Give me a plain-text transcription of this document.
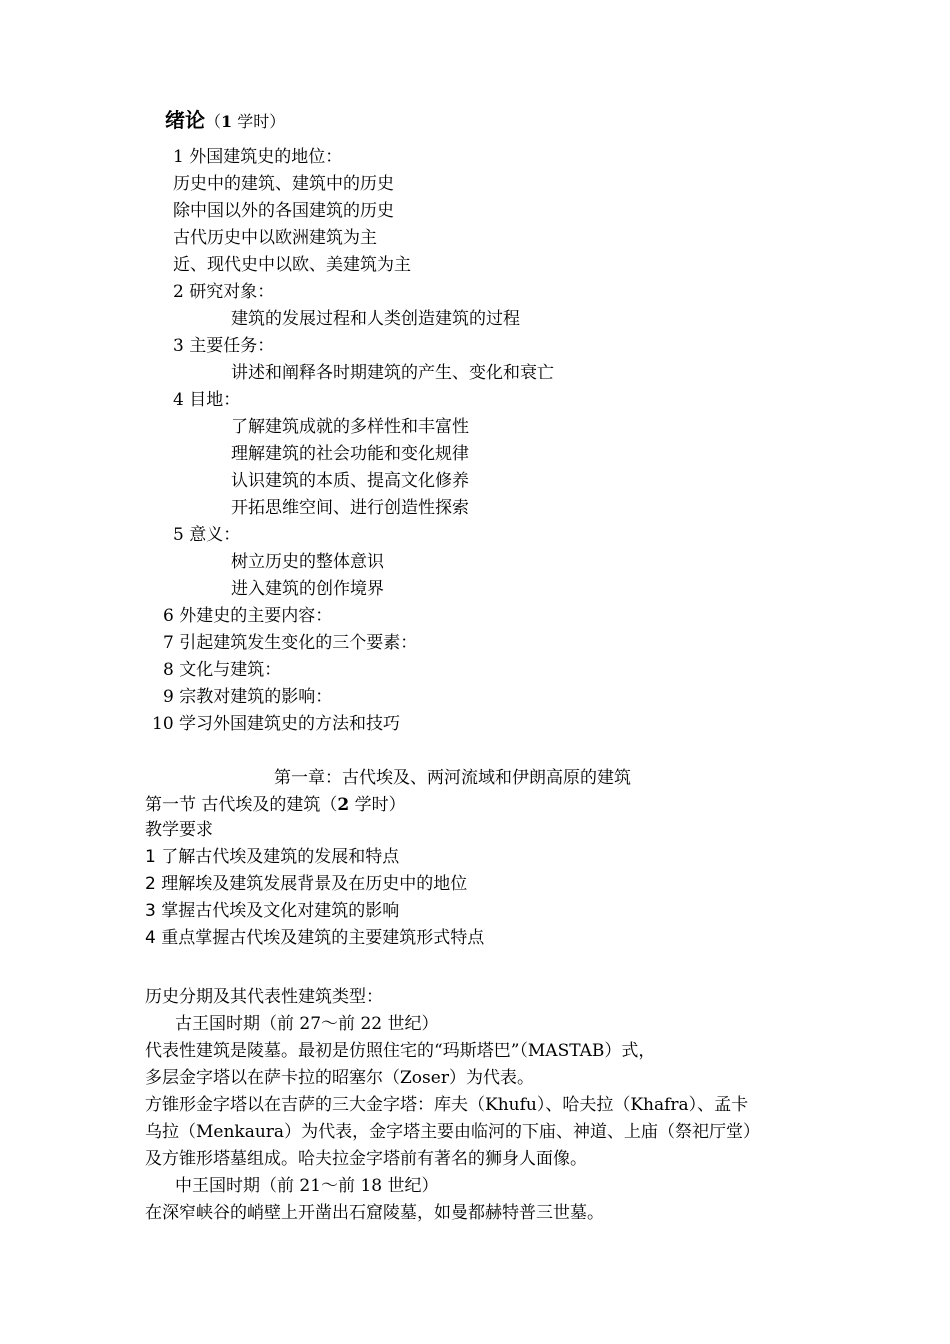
绪论（1 学时）
1 外国建筑史的地位：
历史中的建筑、建筑中的历史
除中国以外的各国建筑的历史
古代历史中以欧洲建筑为主
近、现代史中以欧、美建筑为主
2 研究对象：
建筑的发展过程和人类创造建筑的过程
3 主要任务：
讲述和阐释各时期建筑的产生、变化和衰亡
4 目地：
了解建筑成就的多样性和丰富性
理解建筑的社会功能和变化规律
认识建筑的本质、提高文化修养
开拓思维空间、进行创造性探索
5 意义：
树立历史的整体意识
进入建筑的创作境界
6 外建史的主要内容：
7 引起建筑发生变化的三个要素：
8 文化与建筑：
9 宗教对建筑的影响：
10 学习外国建筑史的方法和技巧
第一章：古代埃及、两河流域和伊朗高原的建筑
第一节 古代埃及的建筑（2 学时）
教学要求
1 了解古代埃及建筑的发展和特点
2 理解埃及建筑发展背景及在历史中的地位
3 掌握古代埃及文化对建筑的影响
4 重点掌握古代埃及建筑的主要建筑形式特点
历史分期及其代表性建筑类型：
古王国时期（前 27～前 22 世纪）
代表性建筑是陵墓。最初是仿照住宅的“玛斯塔巴”（MASTAB）式，
多层金字塔以在萨卡拉的昭塞尔（Zoser）为代表。
方锥形金字塔以在吉萨的三大金字塔：库夫（Khufu）、哈夫拉（Khafra）、孟卡
乌拉（Menkaura）为代表，金字塔主要由临河的下庙、神道、上庙（祭祀厅堂）
及方锥形塔墓组成。哈夫拉金字塔前有著名的狮身人面像。
中王国时期（前 21～前 18 世纪）
在深窄峡谷的峭壁上开凿出石窟陵墓，如曼都赫特普三世墓。
